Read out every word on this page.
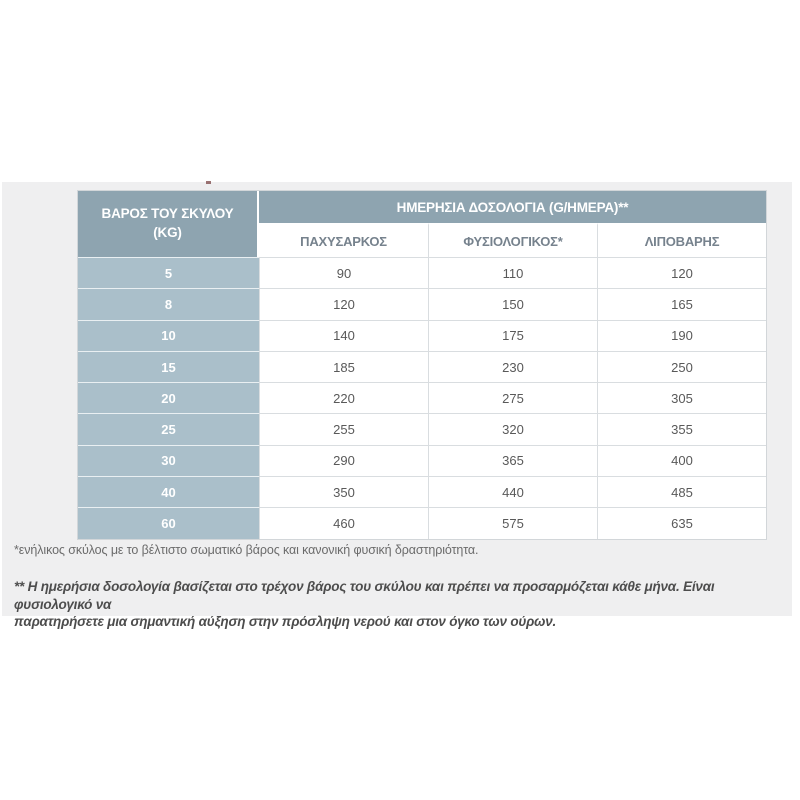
ΒΑΡΟΣ ΤΟΥ ΣΚΥΛΟΥ
(KG)	ΗΜΕΡΗΣΙΑ ΔΟΣΟΛΟΓΙΑ (G/ΗΜΕΡΑ)**		
	ΠΑΧΥΣΑΡΚΟΣ	ΦΥΣΙΟΛΟΓΙΚΟΣ*	ΛΙΠΟΒΑΡΗΣ
5	90	110	120
8	120	150	165
10	140	175	190
15	185	230	250
20	220	275	305
25	255	320	355
30	290	365	400
40	350	440	485
60	460	575	635
*ενήλικος σκύλος με το βέλτιστο σωματικό βάρος και κανονική φυσική δραστηριότητα.
** Η ημερήσια δοσολογία βασίζεται στο τρέχον βάρος του σκύλου και πρέπει να προσαρμόζεται κάθε μήνα. Είναι φυσιολογικό να
παρατηρήσετε μια σημαντική αύξηση στην πρόσληψη νερού και στον όγκο των ούρων.
